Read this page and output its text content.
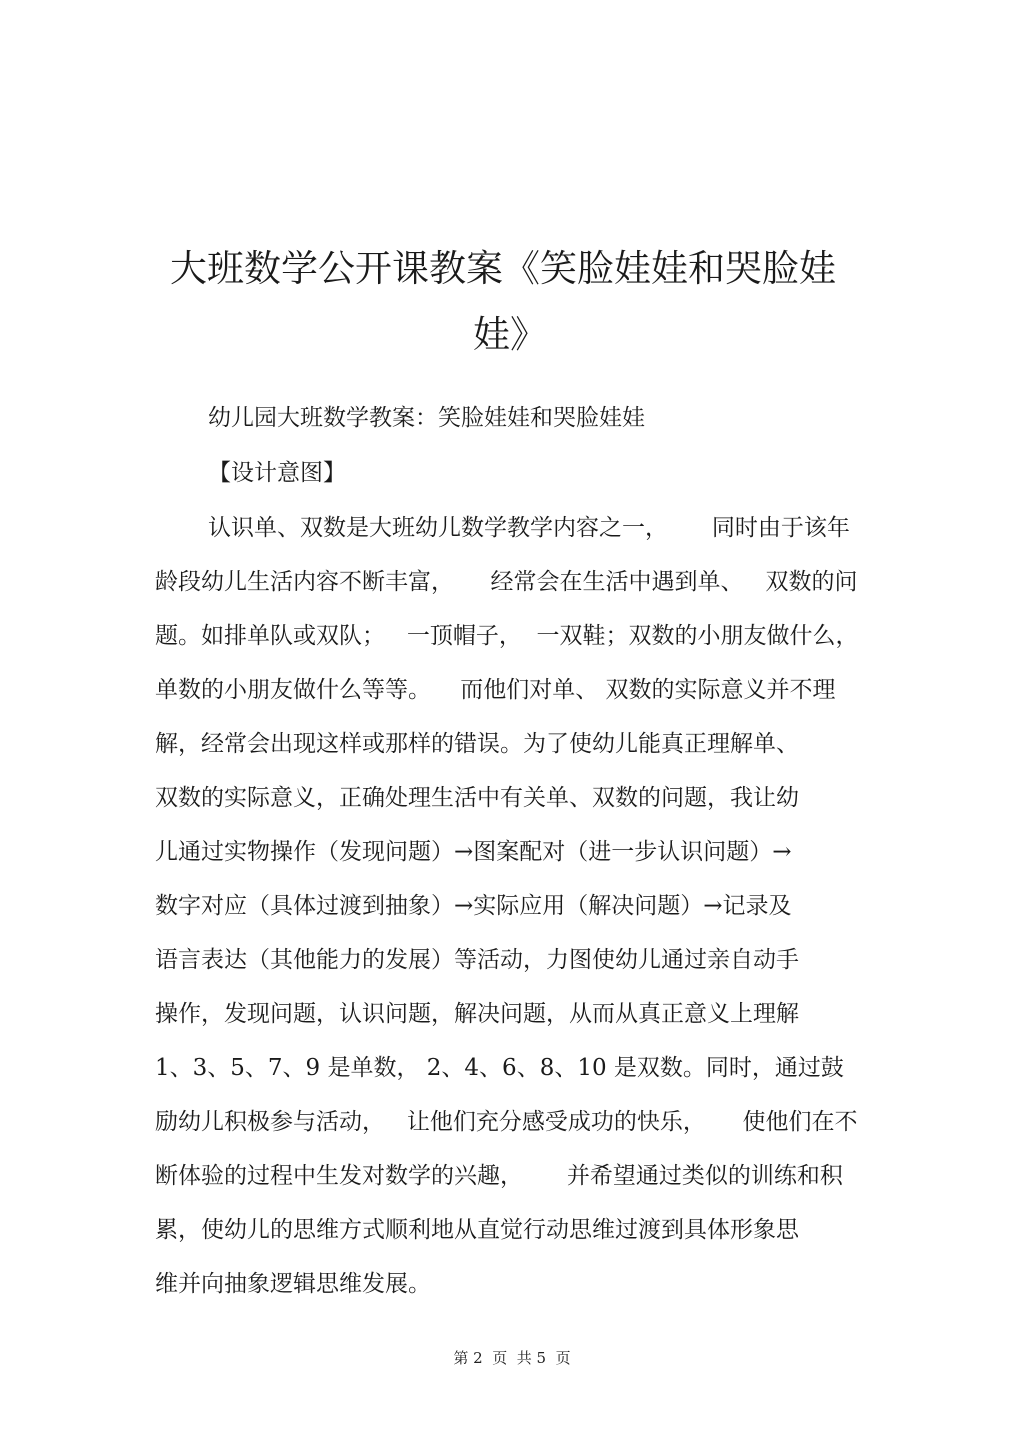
大班数学公开课教案《笑脸娃娃和哭脸娃
娃》
幼儿园大班数学教案：笑脸娃娃和哭脸娃娃
【设计意图】
认识单、双数是大班幼儿数学教学内容之一，      同时由于该年
龄段幼儿生活内容不断丰富，     经常会在生活中遇到单、   双数的问
题。如排单队或双队；   一顶帽子，  一双鞋；双数的小朋友做什么，
单数的小朋友做什么等等。    而他们对单、 双数的实际意义并不理
解，经常会出现这样或那样的错误。为了使幼儿能真正理解单、
双数的实际意义，正确处理生活中有关单、双数的问题，我让幼
儿通过实物操作（发现问题）→图案配对（进一步认识问题）→
数字对应（具体过渡到抽象）→实际应用（解决问题）→记录及
语言表达（其他能力的发展）等活动，力图使幼儿通过亲自动手
操作，发现问题，认识问题，解决问题，从而从真正意义上理解
1、3、5、7、9 是单数， 2、4、6、8、10 是双数。同时，通过鼓
励幼儿积极参与活动，   让他们充分感受成功的快乐，     使他们在不
断体验的过程中生发对数学的兴趣，      并希望通过类似的训练和积
累，使幼儿的思维方式顺利地从直觉行动思维过渡到具体形象思
维并向抽象逻辑思维发展。
第 2  页  共 5  页
